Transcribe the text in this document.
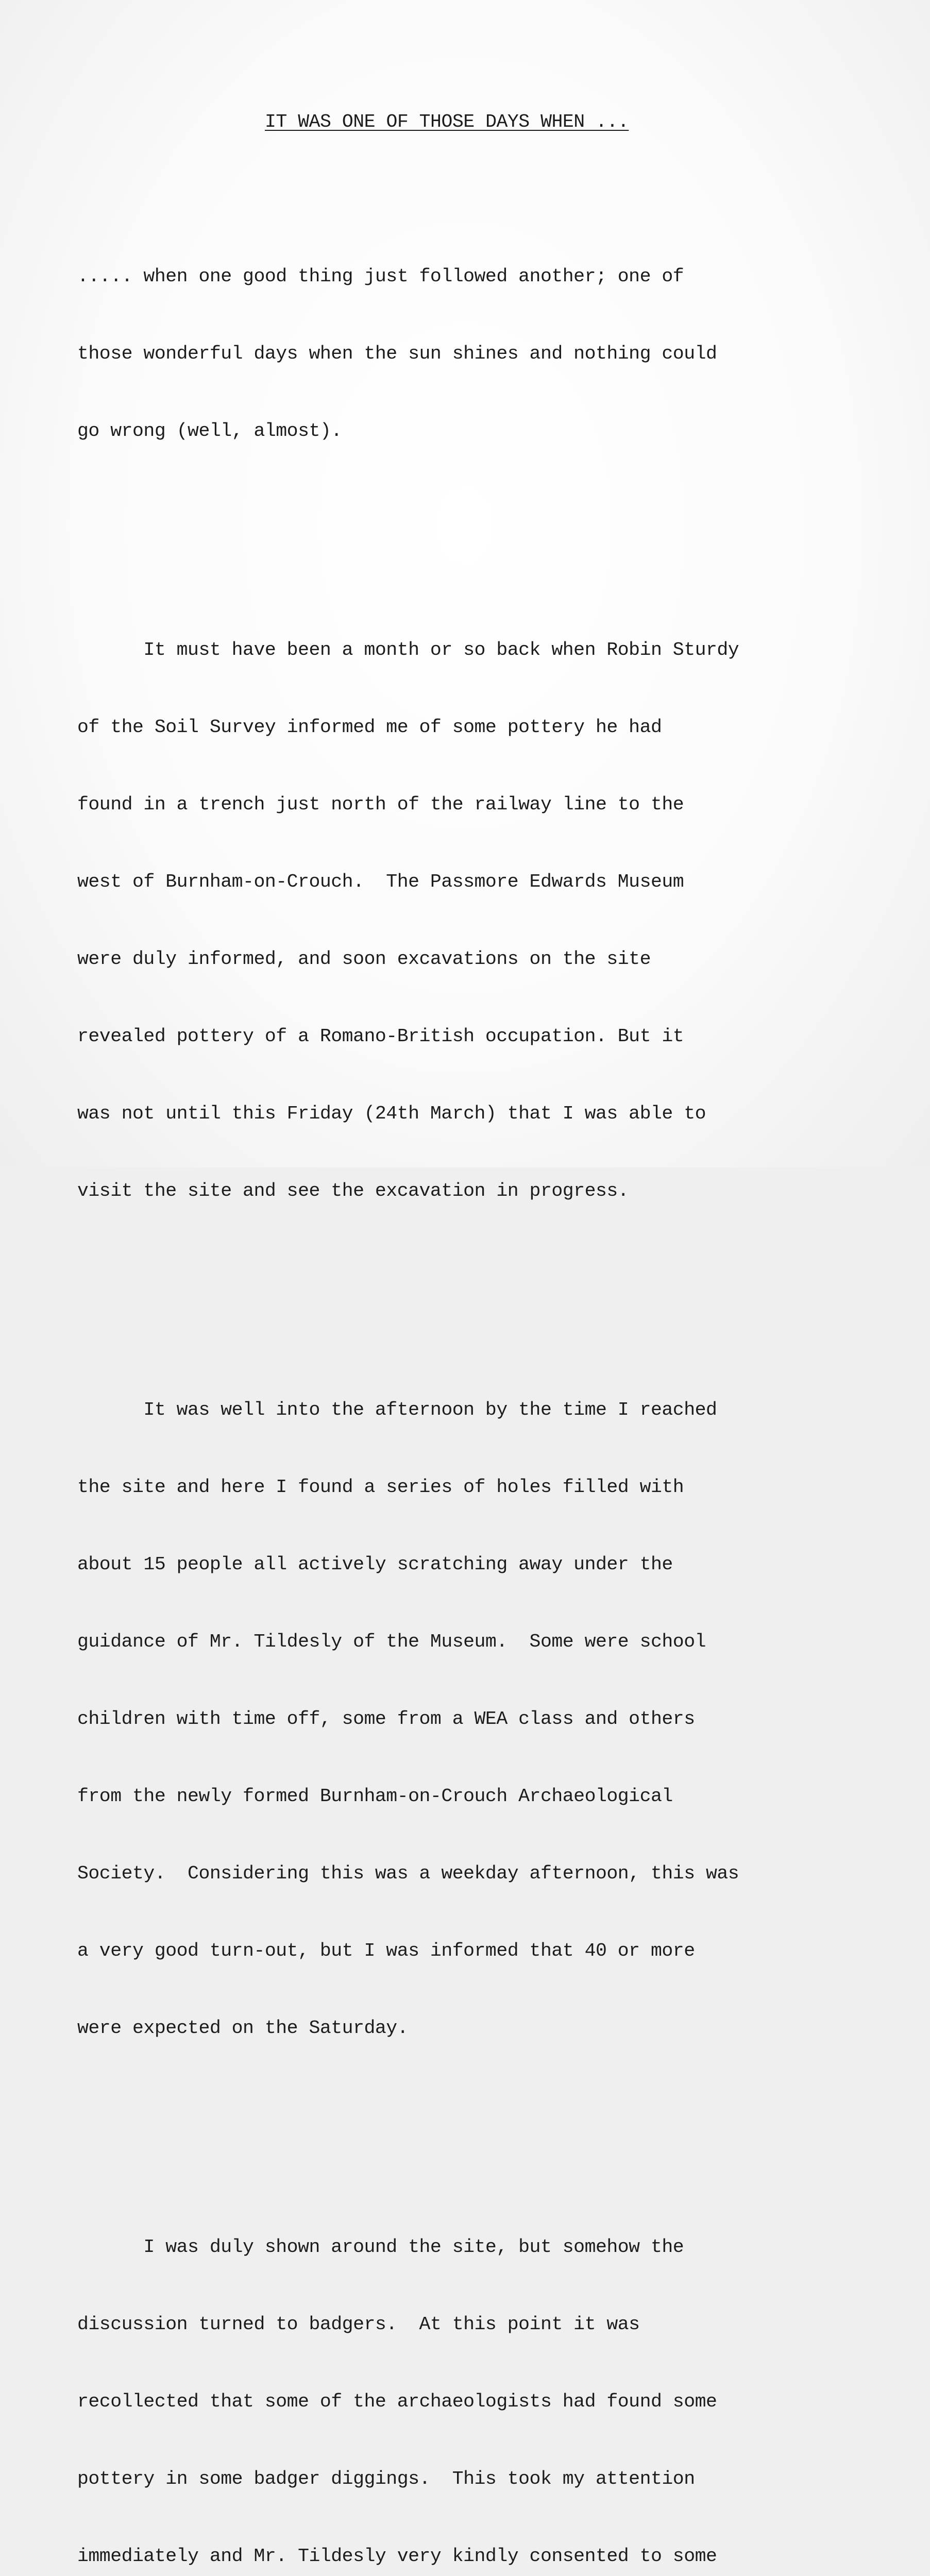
IT WAS ONE OF THOSE DAYS WHEN ...

..... when one good thing just followed another; one of

those wonderful days when the sun shines and nothing could

go wrong (well, almost).

It must have been a month or so back when Robin Sturdy

of the Soil Survey informed me of some pottery he had

found in a trench just north of the railway line to the

west of Burnham-on-Crouch.  The Passmore Edwards Museum

were duly informed, and soon excavations on the site

revealed pottery of a Romano-British occupation. But it

was not until this Friday (24th March) that I was able to

visit the site and see the excavation in progress.

It was well into the afternoon by the time I reached

the site and here I found a series of holes filled with

about 15 people all actively scratching away under the

guidance of Mr. Tildesly of the Museum.  Some were school

children with time off, some from a WEA class and others

from the newly formed Burnham-on-Crouch Archaeological

Society.  Considering this was a weekday afternoon, this was

a very good turn-out, but I was informed that 40 or more

were expected on the Saturday.

I was duly shown around the site, but somehow the

discussion turned to badgers.  At this point it was

recollected that some of the archaeologists had found some

pottery in some badger diggings.  This took my attention

immediately and Mr. Tildesly very kindly consented to some
